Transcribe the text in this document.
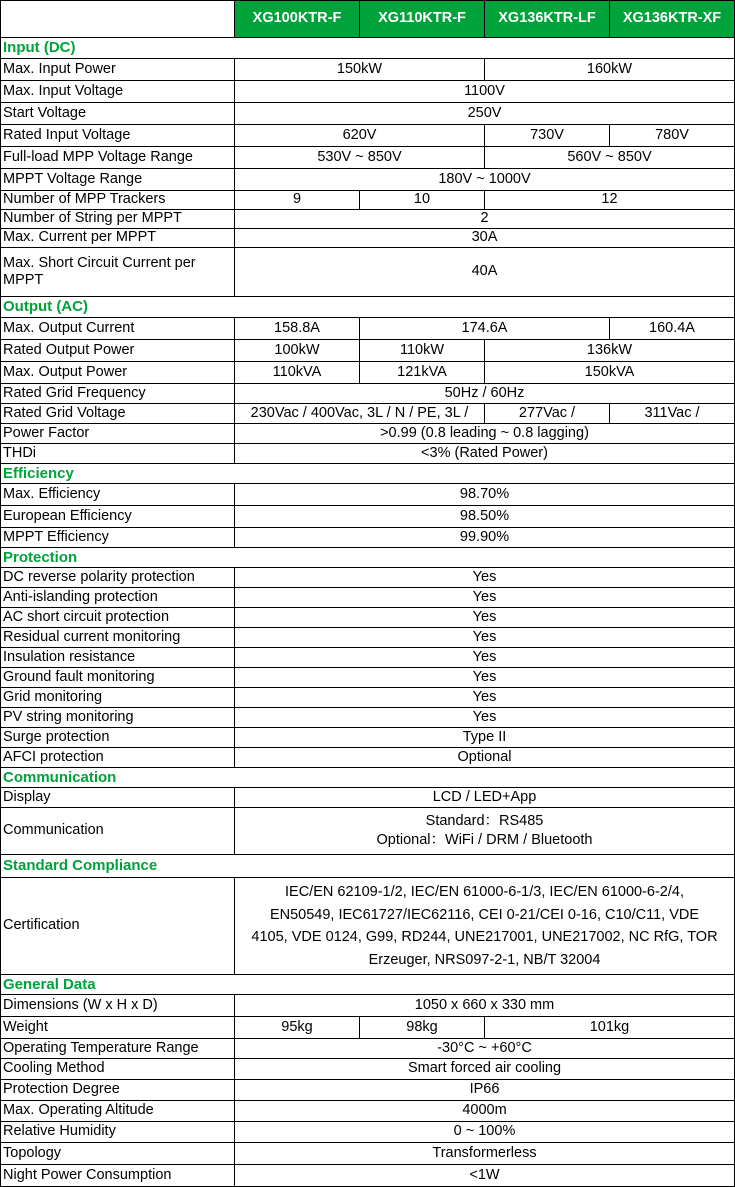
	XG100KTR-F	XG110KTR-F	XG136KTR-LF	XG136KTR-XF
Input (DC)				
Max. Input Power	150kW		160kW	
Max. Input Voltage	1100V			
Start Voltage	250V			
Rated Input Voltage	620V		730V	780V
Full-load MPP Voltage Range	530V ~ 850V		560V ~ 850V	
MPPT Voltage Range	180V ~ 1000V			
Number of MPP Trackers	9	10	12	
Number of String per MPPT	2			
Max. Current per MPPT	30A			
Max. Short Circuit Current per MPPT	40A			
Output (AC)				
Max. Output Current	158.8A	174.6A		160.4A
Rated Output Power	100kW	110kW	136kW	
Max. Output Power	110kVA	121kVA	150kVA	
Rated Grid Frequency	50Hz / 60Hz			
Rated Grid Voltage	230Vac / 400Vac, 3L / N / PE, 3L /		277Vac /	311Vac /
Power Factor	>0.99 (0.8 leading ~ 0.8 lagging)			
THDi	<3% (Rated Power)			
Efficiency				
Max. Efficiency	98.70%			
European Efficiency	98.50%			
MPPT Efficiency	99.90%			
Protection				
DC reverse polarity protection	Yes			
Anti-islanding protection	Yes			
AC short circuit protection	Yes			
Residual current monitoring	Yes			
Insulation resistance	Yes			
Ground fault monitoring	Yes			
Grid monitoring	Yes			
PV string monitoring	Yes			
Surge protection	Type II			
AFCI protection	Optional			
Communication				
Display	LCD / LED+App			
Communication	Standard：RS485
Optional：WiFi / DRM / Bluetooth			

Standard Compliance				
Certification	IEC/EN 62109-1/2, IEC/EN 61000-6-1/3, IEC/EN 61000-6-2/4,
EN50549, IEC61727/IEC62116, CEI 0-21/CEI 0-16, C10/C11, VDE
4105, VDE 0124, G99, RD244, UNE217001, UNE217002, NC RfG, TOR
Erzeuger, NRS097-2-1, NB/T 32004			

General Data				
Dimensions (W x H x D)	1050 x 660 x 330 mm			
Weight	95kg	98kg	101kg	
Operating Temperature Range	-30°C ~ +60°C			
Cooling Method	Smart forced air cooling			
Protection Degree	IP66			
Max. Operating Altitude	4000m			
Relative Humidity	0 ~ 100%			
Topology	Transformerless			
Night Power Consumption	<1W			
